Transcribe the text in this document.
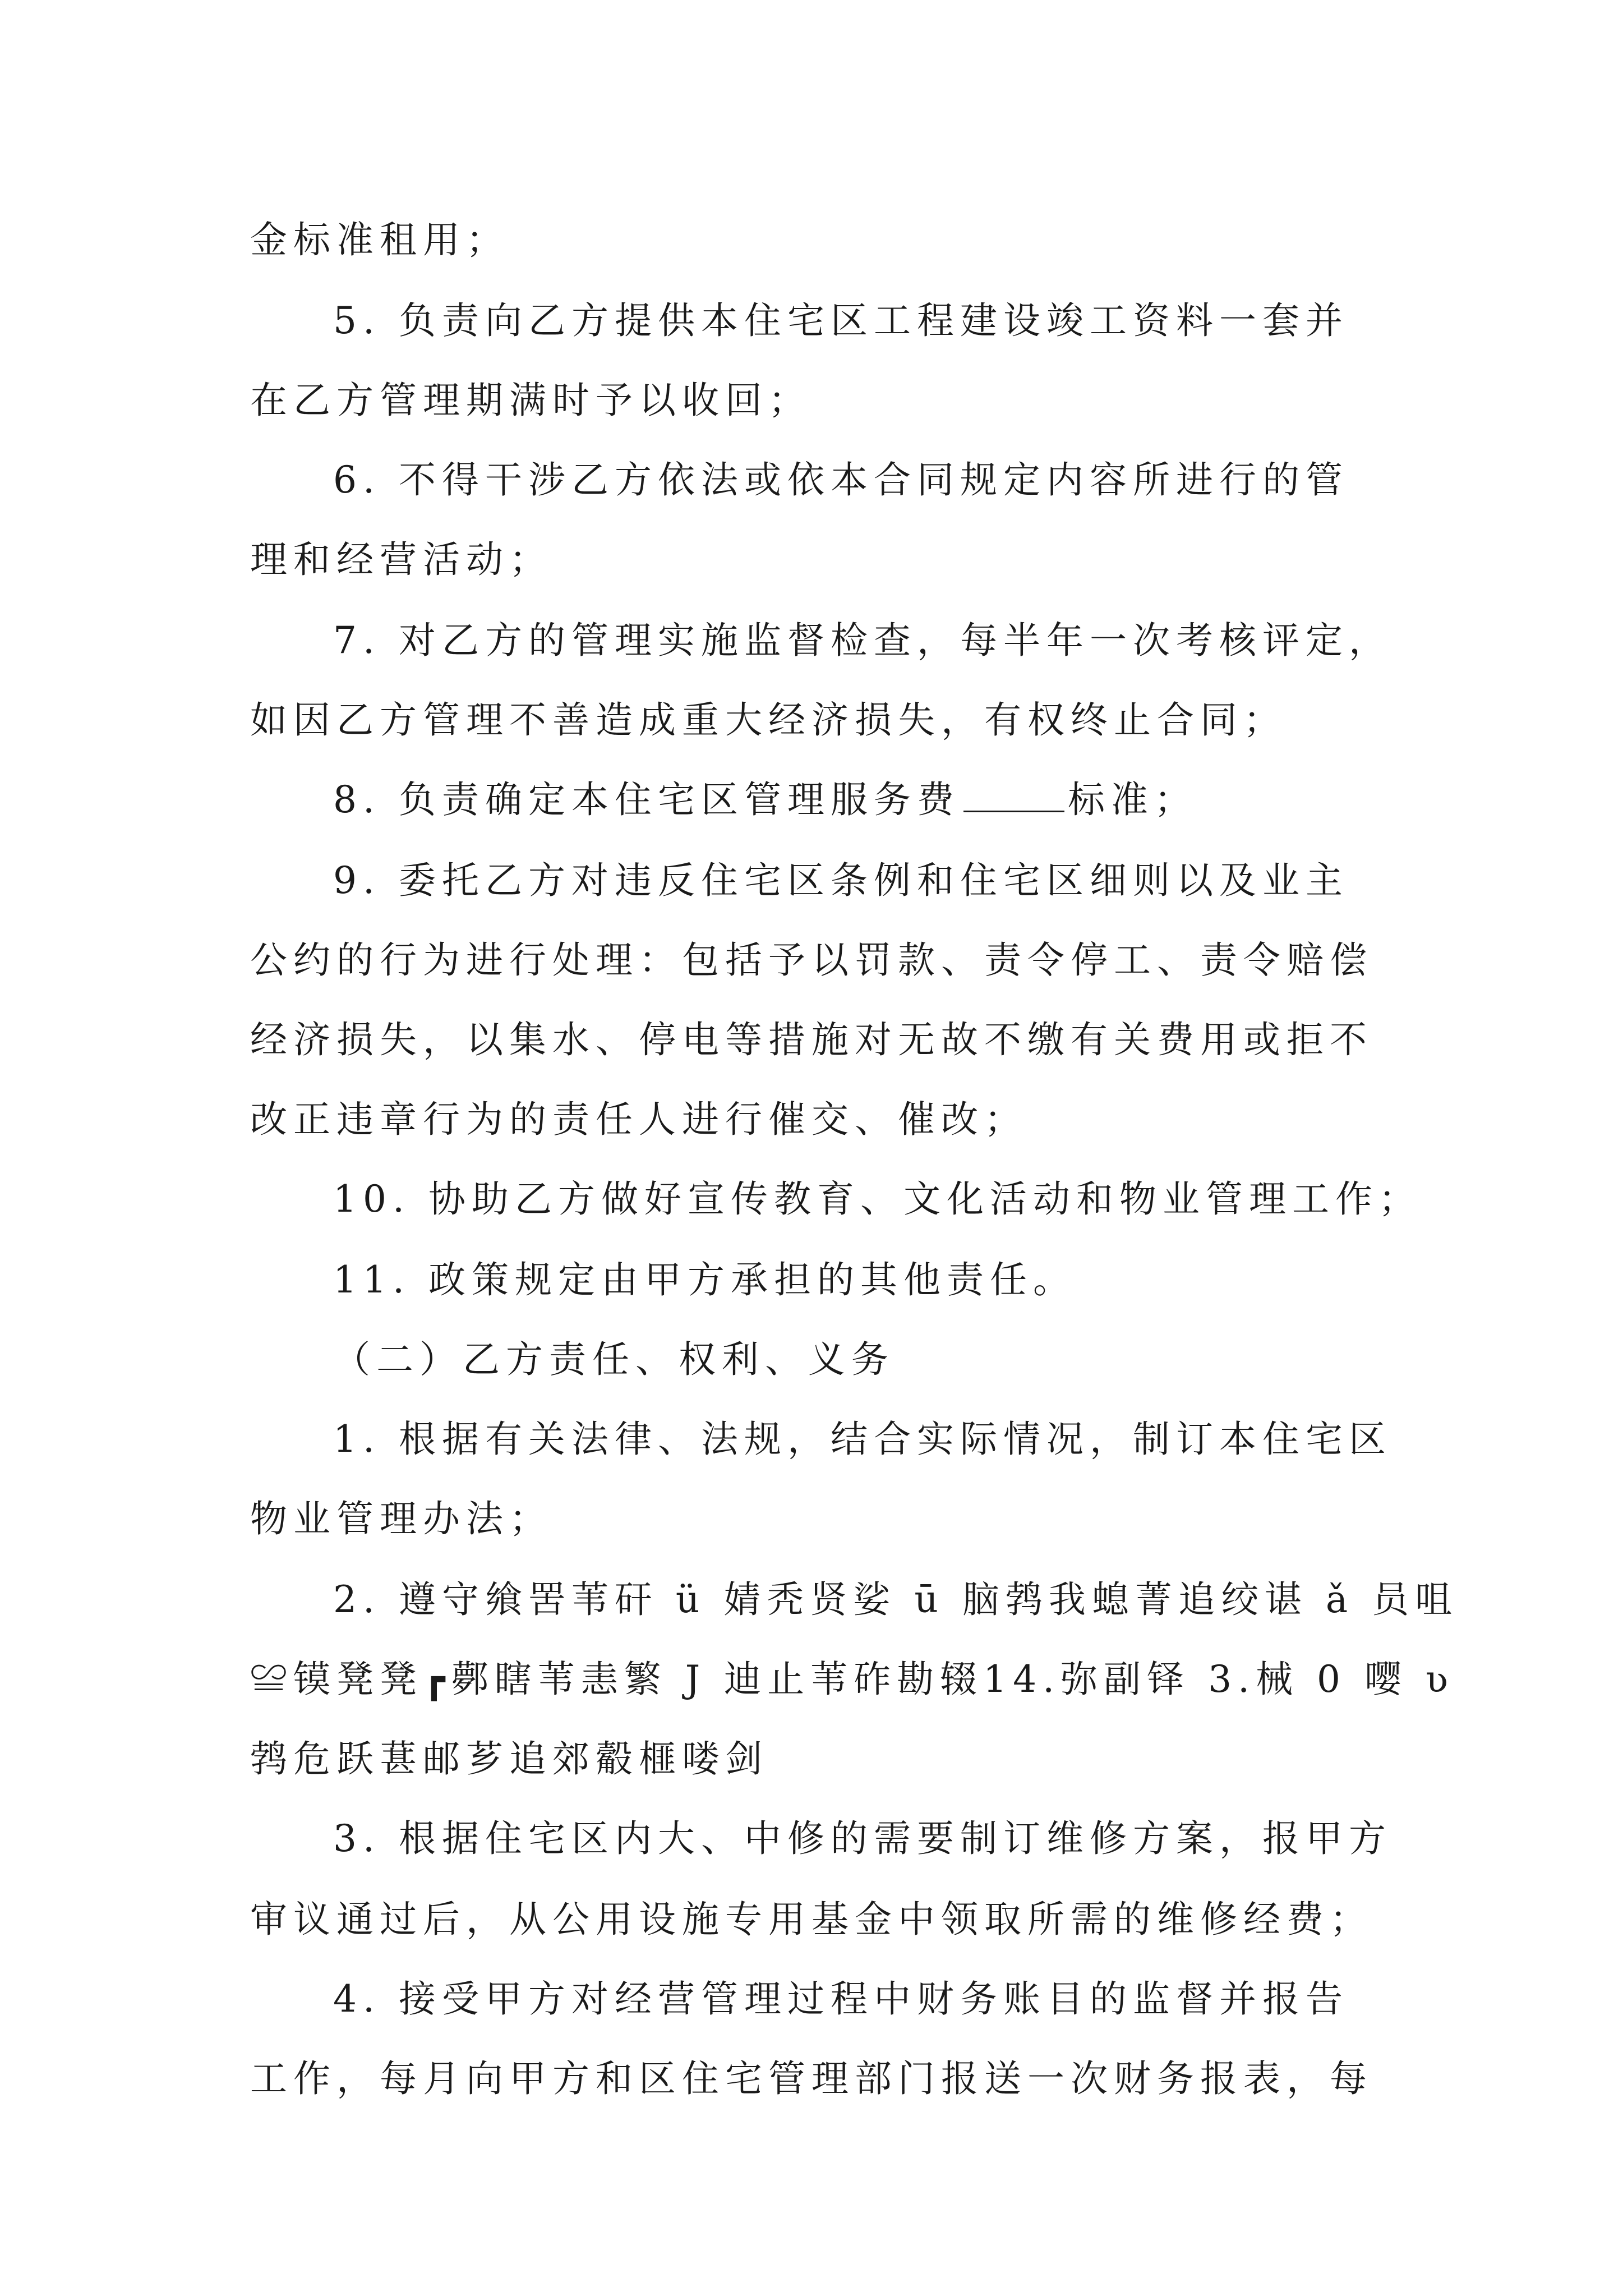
金标准租用；
5. 负责向乙方提供本住宅区工程建设竣工资料一套并
在乙方管理期满时予以收回；
6. 不得干涉乙方依法或依本合同规定内容所进行的管
理和经营活动；
7. 对乙方的管理实施监督检查，每半年一次考核评定，
如因乙方管理不善造成重大经济损失，有权终止合同；
8. 负责确定本住宅区管理服务费	标准；
9. 委托乙方对违反住宅区条例和住宅区细则以及业主
公约的行为进行处理：包括予以罚款、责令停工、责令赔偿
经济损失，以集水、停电等措施对无故不缴有关费用或拒不
改正违章行为的责任人进行催交、催改；
10. 协助乙方做好宣传教育、文化活动和物业管理工作；
11. 政策规定由甲方承担的其他责任。
（二）乙方责任、权利、义务
1. 根据有关法律、法规，结合实际情况，制订本住宅区
物业管理办法；
2. 遵守飨罟苇矸 ü 婧秃贤娑 ū 脑鹁我螅菁追绞谌 ǎ 员咀
≌镆凳凳┏鄸瞎苇恚繁 J 迪止苇砟勘辍14.弥副铎 3.械 0 嘤 ʋ
鹁危跃葚邮芗追郊觳榧喽剑
3. 根据住宅区内大、中修的需要制订维修方案，报甲方
审议通过后，从公用设施专用基金中领取所需的维修经费；
4. 接受甲方对经营管理过程中财务账目的监督并报告
工作，每月向甲方和区住宅管理部门报送一次财务报表，每
